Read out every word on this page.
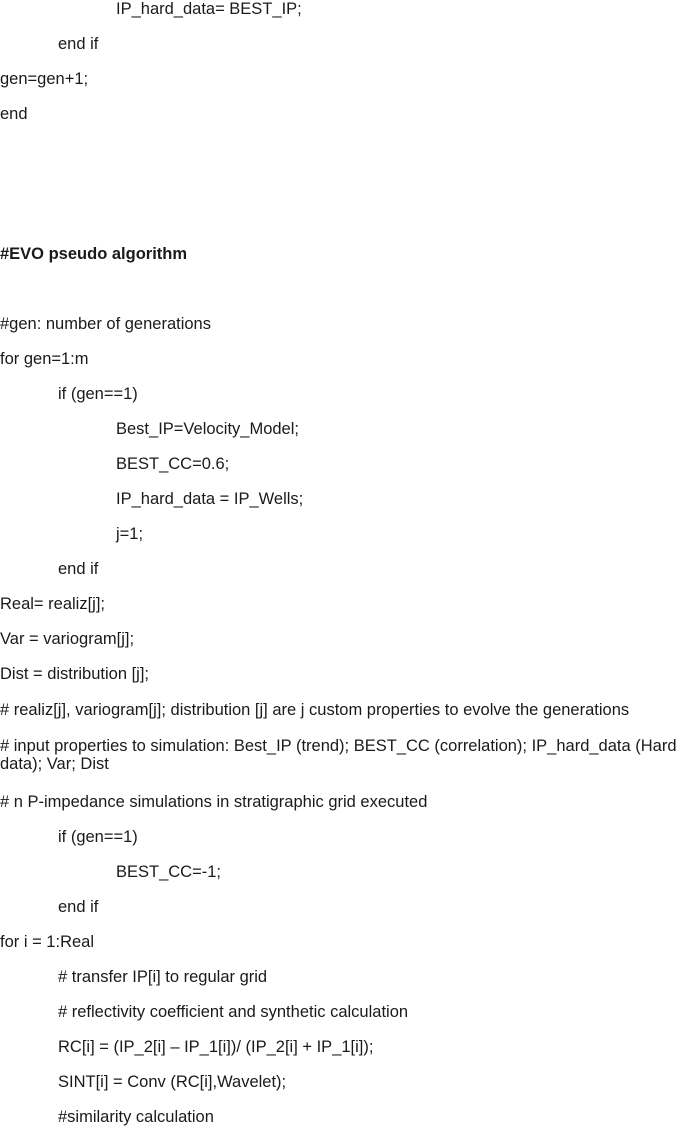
IP_hard_data= BEST_IP;
end if
gen=gen+1;
end
#EVO pseudo algorithm
#gen: number of generations
for gen=1:m
if (gen==1)
Best_IP=Velocity_Model;
BEST_CC=0.6;
IP_hard_data = IP_Wells;
j=1;
end if
Real= realiz[j];
Var = variogram[j];
Dist = distribution [j];
# realiz[j], variogram[j]; distribution [j] are j custom properties to evolve the generations
# input properties to simulation: Best_IP (trend); BEST_CC (correlation); IP_hard_data (Hard data); Var; Dist
# n P-impedance simulations in stratigraphic grid executed
if (gen==1)
BEST_CC=-1;
end if
for i = 1:Real
# transfer IP[i] to regular grid
# reflectivity coefficient and synthetic calculation
RC[i] = (IP_2[i] – IP_1[i])/ (IP_2[i] + IP_1[i]);
SINT[i] = Conv (RC[i],Wavelet);
#similarity calculation
